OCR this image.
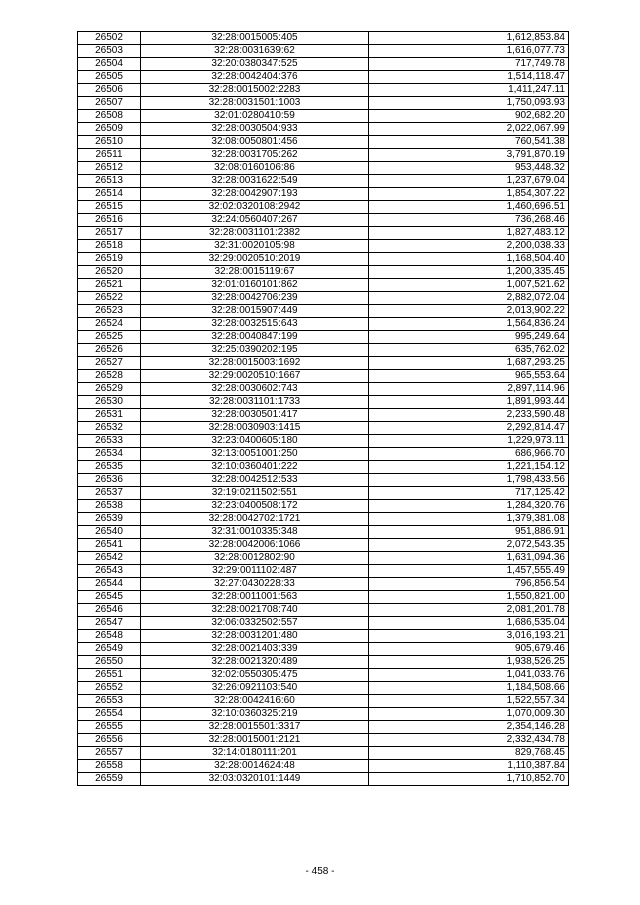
26502	32:28:0015005:405	1,612,853.84
26503	32:28:0031639:62	1,616,077.73
26504	32:20:0380347:525	717,749.78
26505	32:28:0042404:376	1,514,118.47
26506	32:28:0015002:2283	1,411,247.11
26507	32:28:0031501:1003	1,750,093.93
26508	32:01:0280410:59	902,682.20
26509	32:28:0030504:933	2,022,067.99
26510	32:08:0050801:456	760,541.38
26511	32:28:0031705:262	3,791,870.19
26512	32:08:0160106:86	953,448.32
26513	32:28:0031622:549	1,237,679.04
26514	32:28:0042907:193	1,854,307.22
26515	32:02:0320108:2942	1,460,696.51
26516	32:24:0560407:267	736,268.46
26517	32:28:0031101:2382	1,827,483.12
26518	32:31:0020105:98	2,200,038.33
26519	32:29:0020510:2019	1,168,504.40
26520	32:28:0015119:67	1,200,335.45
26521	32:01:0160101:862	1,007,521.62
26522	32:28:0042706:239	2,882,072.04
26523	32:28:0015907:449	2,013,902.22
26524	32:28:0032515:643	1,564,836.24
26525	32:28:0040847:199	995,249.64
26526	32:25:0390202:195	635,762.02
26527	32:28:0015003:1692	1,687,293.25
26528	32:29:0020510:1667	965,553.64
26529	32:28:0030602:743	2,897,114.96
26530	32:28:0031101:1733	1,891,993.44
26531	32:28:0030501:417	2,233,590.48
26532	32:28:0030903:1415	2,292,814.47
26533	32:23:0400605:180	1,229,973.11
26534	32:13:0051001:250	686,966.70
26535	32:10:0360401:222	1,221,154.12
26536	32:28:0042512:533	1,798,433.56
26537	32:19:0211502:551	717,125.42
26538	32:23:0400508:172	1,284,320.76
26539	32:28:0042702:1721	1,379,381.08
26540	32:31:0010335:348	951,886.91
26541	32:28:0042006:1066	2,072,543.35
26542	32:28:0012802:90	1,631,094.36
26543	32:29:0011102:487	1,457,555.49
26544	32:27:0430228:33	796,856.54
26545	32:28:0011001:563	1,550,821.00
26546	32:28:0021708:740	2,081,201.78
26547	32:06:0332502:557	1,686,535.04
26548	32:28:0031201:480	3,016,193.21
26549	32:28:0021403:339	905,679.46
26550	32:28:0021320:489	1,938,526.25
26551	32:02:0550305:475	1,041,033.76
26552	32:26:0921103:540	1,184,508.66
26553	32:28:0042416:60	1,522,557.34
26554	32:10:0360325:219	1,070,009.30
26555	32:28:0015501:3317	2,354,146.28
26556	32:28:0015001:2121	2,332,434.78
26557	32:14:0180111:201	829,768.45
26558	32:28:0014624:48	1,110,387.84
26559	32:03:0320101:1449	1,710,852.70
- 458 -
